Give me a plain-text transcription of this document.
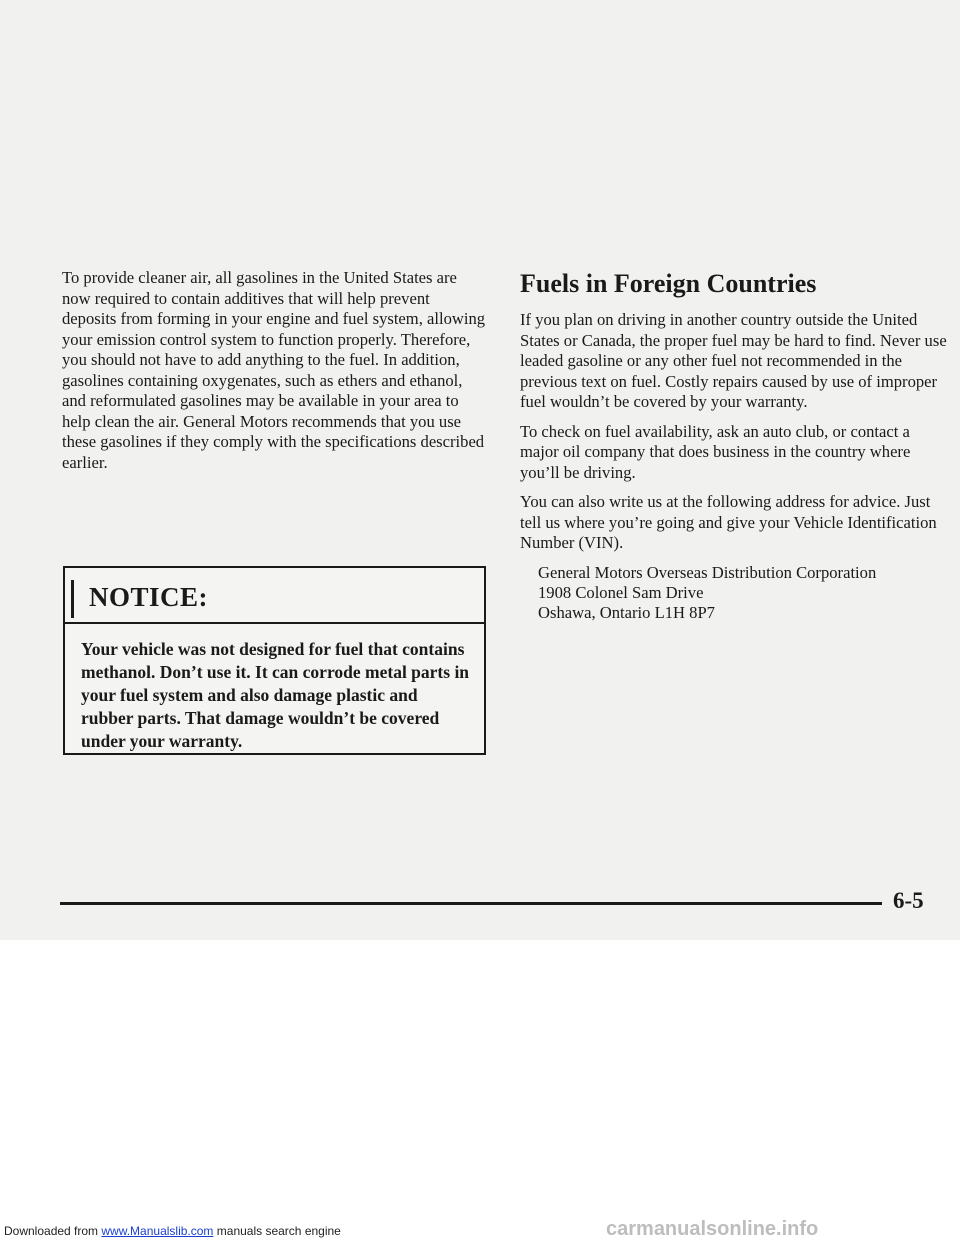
To provide cleaner air, all gasolines in the United States are now required to contain additives that will help prevent deposits from forming in your engine and fuel system, allowing your emission control system to function properly. Therefore, you should not have to add anything to the fuel. In addition, gasolines containing oxygenates, such as ethers and ethanol, and reformulated gasolines may be available in your area to help clean the air. General Motors recommends that you use these gasolines if they comply with the specifications described earlier.

NOTICE:
Your vehicle was not designed for fuel that contains methanol. Don’t use it. It can corrode metal parts in your fuel system and also damage plastic and rubber parts. That damage wouldn’t be covered under your warranty.
Fuels in Foreign Countries

If you plan on driving in another country outside the United States or Canada, the proper fuel may be hard to find. Never use leaded gasoline or any other fuel not recommended in the previous text on fuel. Costly repairs caused by use of improper fuel wouldn’t be covered by your warranty.

To check on fuel availability, ask an auto club, or contact a major oil company that does business in the country where you’ll be driving.

You can also write us at the following address for advice. Just tell us where you’re going and give your Vehicle Identification Number (VIN).

General Motors Overseas Distribution Corporation
1908 Colonel Sam Drive
Oshawa, Ontario L1H 8P7
6-5
Downloaded from www.Manualslib.com manuals search engine	carmanualsonline.info
